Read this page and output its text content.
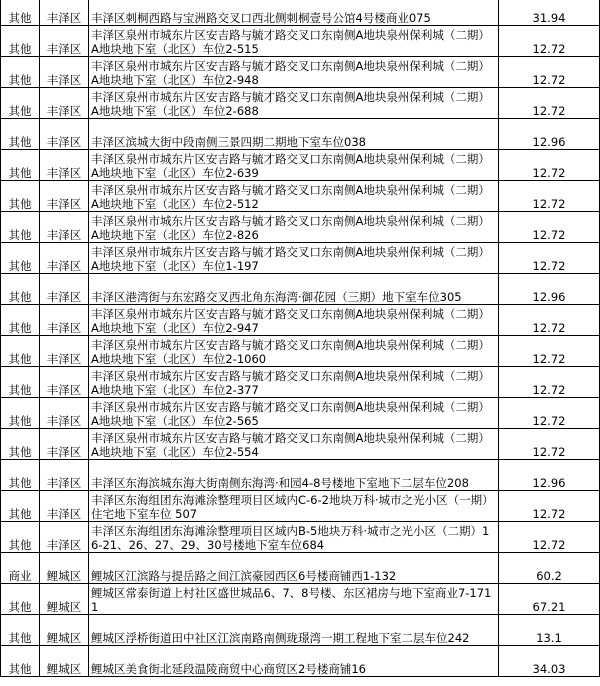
其他	丰泽区	丰泽区刺桐西路与宝洲路交叉口西北侧刺桐壹号公馆4号楼商业075	31.94
其他	丰泽区	丰泽区泉州市城东片区安吉路与毓才路交叉口东南侧A地块泉州保利城（二期）A地块地下室（北区）车位2-515	12.72
其他	丰泽区	丰泽区泉州市城东片区安吉路与毓才路交叉口东南侧A地块泉州保利城（二期）A地块地下室（北区）车位2-948	12.72
其他	丰泽区	丰泽区泉州市城东片区安吉路与毓才路交叉口东南侧A地块泉州保利城（二期）A地块地下室（北区）车位2-688	12.72
其他	丰泽区	丰泽区滨城大街中段南侧三景四期二期地下室车位038	12.96
其他	丰泽区	丰泽区泉州市城东片区安吉路与毓才路交叉口东南侧A地块泉州保利城（二期）A地块地下室（北区）车位2-639	12.72
其他	丰泽区	丰泽区泉州市城东片区安吉路与毓才路交叉口东南侧A地块泉州保利城（二期）A地块地下室（北区）车位2-512	12.72
其他	丰泽区	丰泽区泉州市城东片区安吉路与毓才路交叉口东南侧A地块泉州保利城（二期）A地块地下室（北区）车位2-826	12.72
其他	丰泽区	丰泽区泉州市城东片区安吉路与毓才路交叉口东南侧A地块泉州保利城（二期）A地块地下室（北区）车位1-197	12.72
其他	丰泽区	丰泽区港湾街与东宏路交叉西北角东海湾·御花园（三期）地下室车位305	12.96
其他	丰泽区	丰泽区泉州市城东片区安吉路与毓才路交叉口东南侧A地块泉州保利城（二期）A地块地下室（北区）车位2-947	12.72
其他	丰泽区	丰泽区泉州市城东片区安吉路与毓才路交叉口东南侧A地块泉州保利城（二期）A地块地下室（北区）车位2-1060	12.72
其他	丰泽区	丰泽区泉州市城东片区安吉路与毓才路交叉口东南侧A地块泉州保利城（二期）A地块地下室（北区）车位2-377	12.72
其他	丰泽区	丰泽区泉州市城东片区安吉路与毓才路交叉口东南侧A地块泉州保利城（二期）A地块地下室（北区）车位2-565	12.72
其他	丰泽区	丰泽区泉州市城东片区安吉路与毓才路交叉口东南侧A地块泉州保利城（二期）A地块地下室（北区）车位2-554	12.72
其他	丰泽区	丰泽区东海滨城东海大街南侧东海湾·和园4-8号楼地下室地下二层车位208	12.96
其他	丰泽区	丰泽区东海组团东海滩涂整理项目区域内C-6-2地块万科·城市之光小区（一期）住宅地下室车位 507	12.72
其他	丰泽区	丰泽区东海组团东海滩涂整理项目区域内B-5地块万科·城市之光小区（二期）16-21、26、27、29、30号楼地下室车位684	12.72
商业	鲤城区	鲤城区江滨路与提岳路之间江滨豪园西区6号楼商铺西1-132	60.2
其他	鲤城区	鲤城区常泰街道上村社区盛世城品6、7、8号楼、东区裙房与地下室商业7-1711	67.21
其他	鲤城区	鲤城区浮桥街道田中社区江滨南路南侧珑璟湾一期工程地下室二层车位242	13.1
其他	鲤城区	鲤城区美食街北延段温陵商贸中心商贸区2号楼商铺16	34.03
